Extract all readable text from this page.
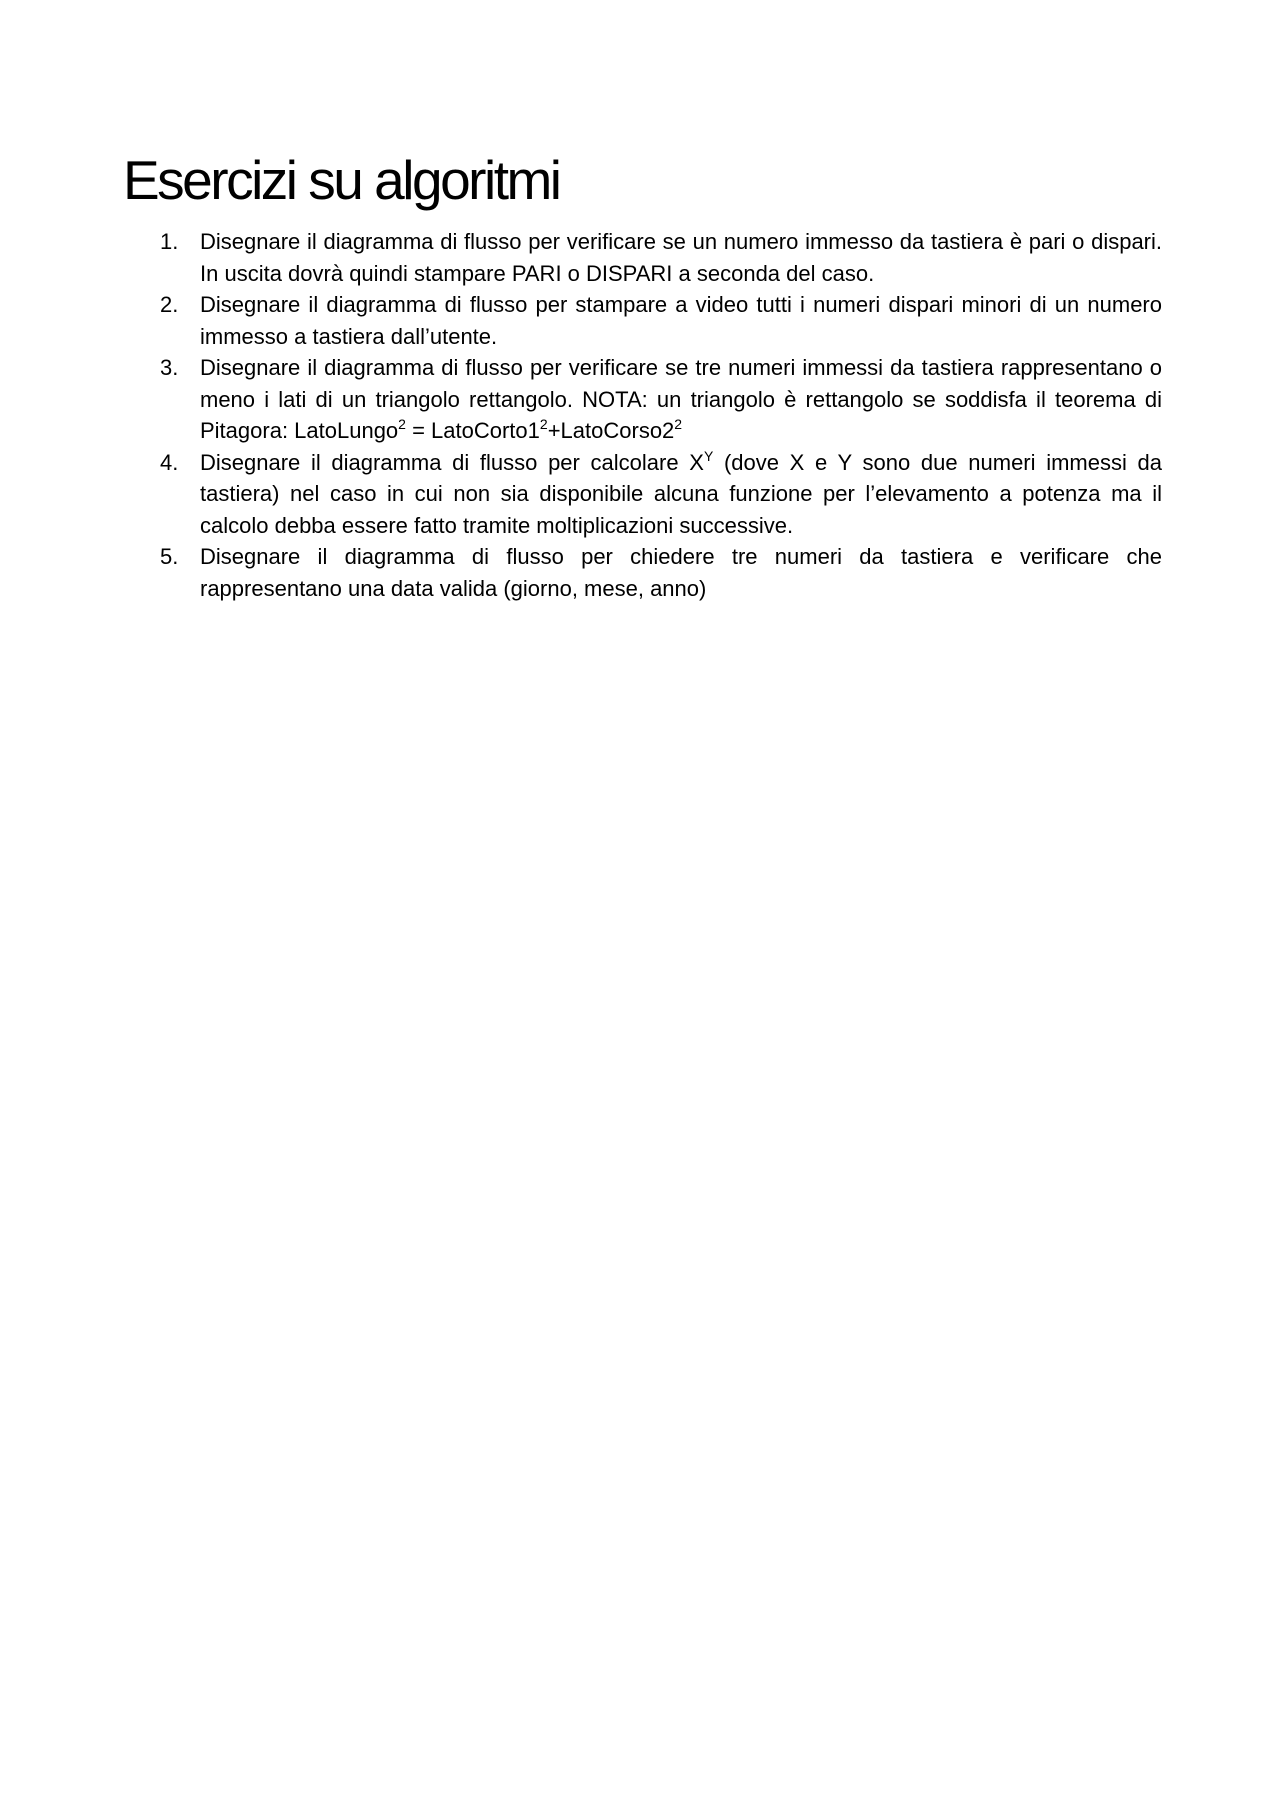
Esercizi su algoritmi
1. Disegnare il diagramma di flusso per verificare se un numero immesso da tastiera è pari o dispari. In uscita dovrà quindi stampare PARI o DISPARI a seconda del caso.
2. Disegnare il diagramma di flusso per stampare a video tutti i numeri dispari minori di un numero immesso a tastiera dall’utente.
3. Disegnare il diagramma di flusso per verificare se tre numeri immessi da tastiera rappresentano o meno i lati di un triangolo rettangolo. NOTA: un triangolo è rettangolo se soddisfa il teorema di Pitagora: LatoLungo$^2$ = $LatoCorto1^2+LatoCorso2^2$
4. Disegnare il diagramma di flusso per calcolare $X^Y$ (dove X e Y sono due numeri immessi da tastiera) nel caso in cui non sia disponibile alcuna funzione per l’elevamento a potenza ma il calcolo debba essere fatto tramite moltiplicazioni successive.
5. Disegnare il diagramma di flusso per chiedere tre numeri da tastiera e verificare che rappresentano una data valida (giorno, mese, anno)
